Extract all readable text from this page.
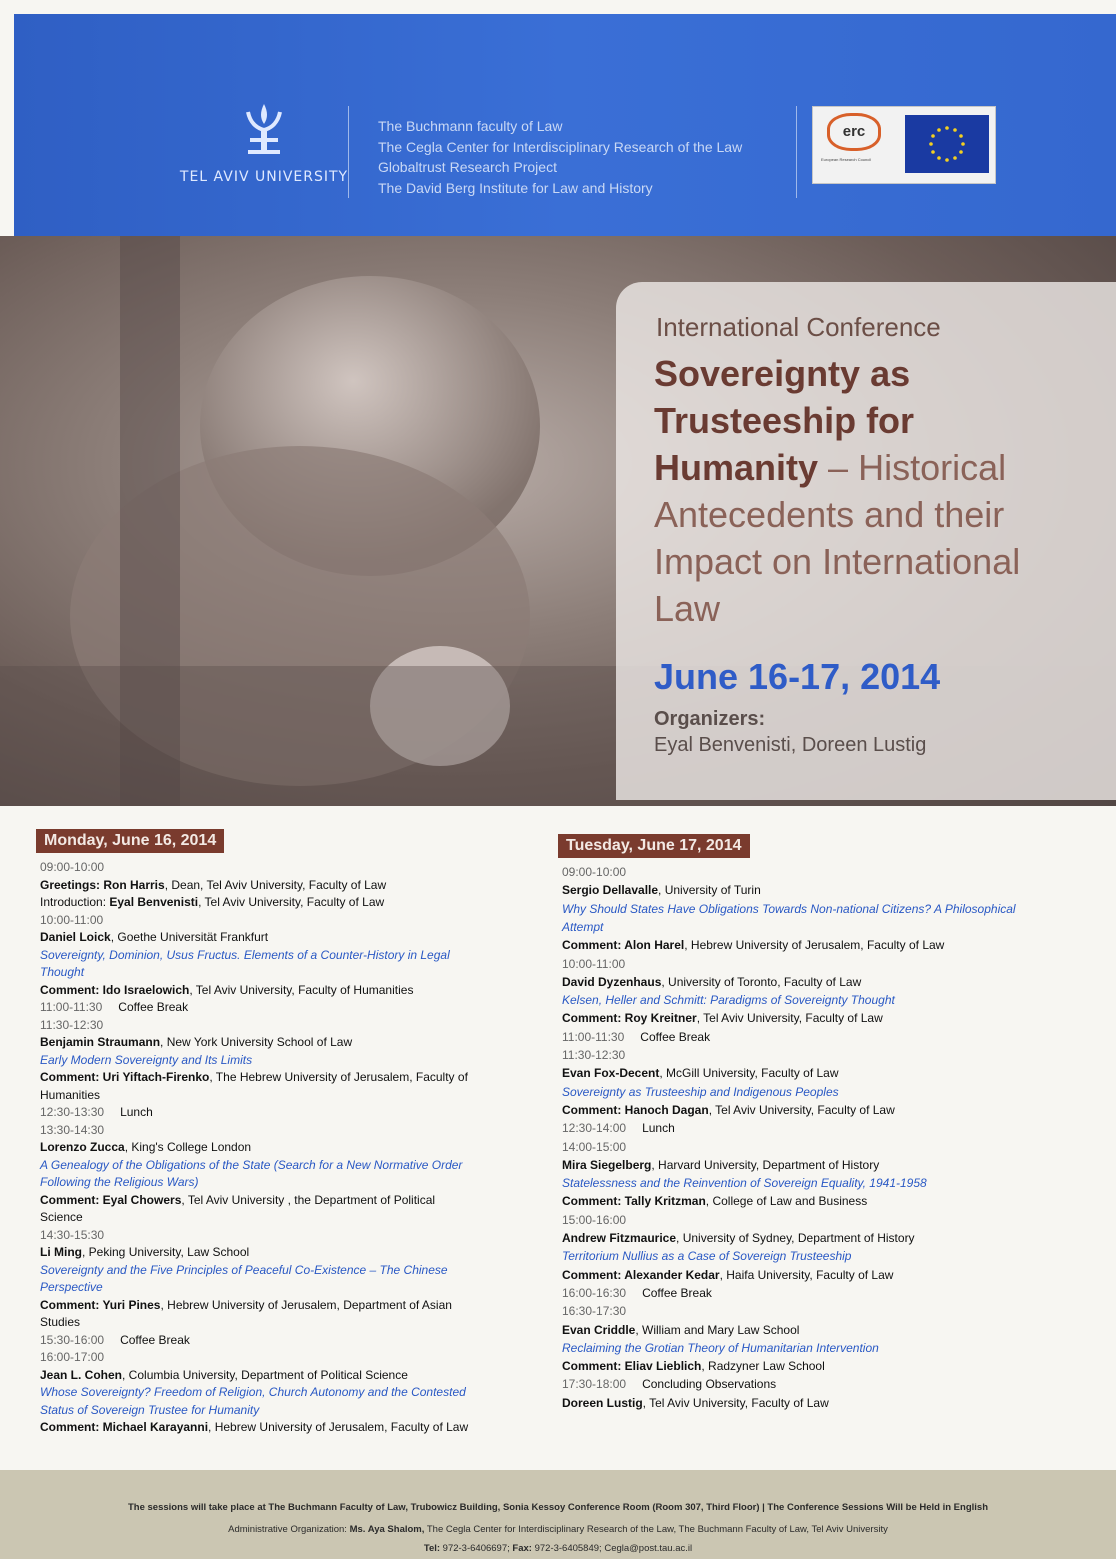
TEL AVIV UNIVERSITY
The Buchmann faculty of Law
The Cegla Center for Interdisciplinary Research of the Law
Globaltrust Research Project
The David Berg Institute for Law and History
erc
European Research Council
International Conference
Sovereignty as Trusteeship for Humanity – Historical Antecedents and their Impact on International Law
June 16-17, 2014
Organizers:
Eyal Benvenisti, Doreen Lustig
Monday, June 16, 2014
09:00-10:00
Greetings: Ron Harris, Dean, Tel Aviv University, Faculty of Law
Introduction: Eyal Benvenisti, Tel Aviv University, Faculty of Law
10:00-11:00
Daniel Loick, Goethe Universität Frankfurt
Sovereignty, Dominion, Usus Fructus. Elements of a Counter-History in Legal
Thought
Comment: Ido Israelowich, Tel Aviv University, Faculty of Humanities
11:00-11:30 Coffee Break
11:30-12:30
Benjamin Straumann, New York University School of Law
Early Modern Sovereignty and Its Limits
Comment: Uri Yiftach-Firenko, The Hebrew University of Jerusalem, Faculty of
Humanities
12:30-13:30 Lunch
13:30-14:30
Lorenzo Zucca, King's College London
A Genealogy of the Obligations of the State (Search for a New Normative Order
Following the Religious Wars)
Comment: Eyal Chowers, Tel Aviv University , the Department of Political
Science
14:30-15:30
Li Ming, Peking University, Law School
Sovereignty and the Five Principles of Peaceful Co-Existence – The Chinese
Perspective
Comment: Yuri Pines, Hebrew University of Jerusalem, Department of Asian
Studies
15:30-16:00 Coffee Break
16:00-17:00
Jean L. Cohen, Columbia University, Department of Political Science
Whose Sovereignty? Freedom of Religion, Church Autonomy and the Contested
Status of Sovereign Trustee for Humanity
Comment: Michael Karayanni, Hebrew University of Jerusalem, Faculty of Law
Tuesday, June 17, 2014
09:00-10:00
Sergio Dellavalle, University of Turin
Why Should States Have Obligations Towards Non-national Citizens? A Philosophical
Attempt
Comment: Alon Harel, Hebrew University of Jerusalem, Faculty of Law
10:00-11:00
David Dyzenhaus, University of Toronto, Faculty of Law
Kelsen, Heller and Schmitt: Paradigms of Sovereignty Thought
Comment: Roy Kreitner, Tel Aviv University, Faculty of Law
11:00-11:30 Coffee Break
11:30-12:30
Evan Fox-Decent, McGill University, Faculty of Law
Sovereignty as Trusteeship and Indigenous Peoples
Comment: Hanoch Dagan, Tel Aviv University, Faculty of Law
12:30-14:00 Lunch
14:00-15:00
Mira Siegelberg, Harvard University, Department of History
Statelessness and the Reinvention of Sovereign Equality, 1941-1958
Comment: Tally Kritzman, College of Law and Business
15:00-16:00
Andrew Fitzmaurice, University of Sydney, Department of History
Territorium Nullius as a Case of Sovereign Trusteeship
Comment: Alexander Kedar, Haifa University, Faculty of Law
16:00-16:30 Coffee Break
16:30-17:30
Evan Criddle, William and Mary Law School
Reclaiming the Grotian Theory of Humanitarian Intervention
Comment: Eliav Lieblich, Radzyner Law School
17:30-18:00 Concluding Observations
Doreen Lustig, Tel Aviv University, Faculty of Law
The sessions will take place at The Buchmann Faculty of Law, Trubowicz Building, Sonia Kessoy Conference Room (Room 307, Third Floor) | The Conference Sessions Will be Held in English
Administrative Organization: Ms. Aya Shalom, The Cegla Center for Interdisciplinary Research of the Law, The Buchmann Faculty of Law, Tel Aviv University
Tel: 972-3-6406697; Fax: 972-3-6405849; Cegla@post.tau.ac.il
